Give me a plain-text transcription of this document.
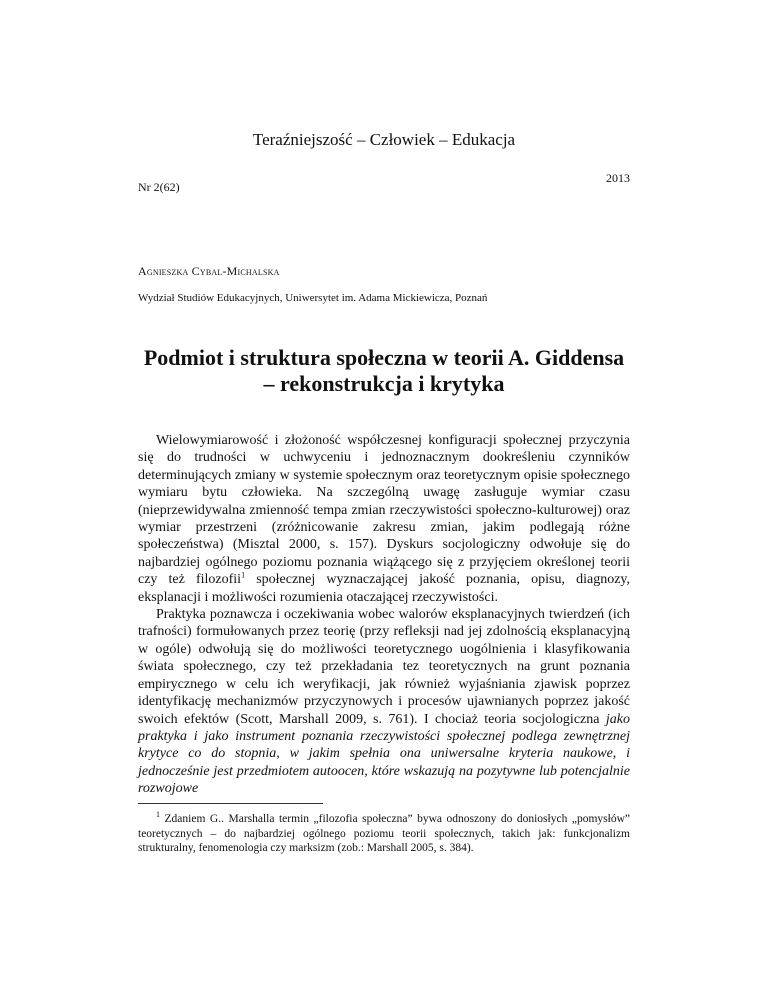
Teraźniejszość – Człowiek – Edukacja
Nr 2(62)
2013
Agnieszka Cybal-Michalska
Wydział Studiów Edukacyjnych, Uniwersytet im. Adama Mickiewicza, Poznań
Podmiot i struktura społeczna w teorii A. Giddensa
– rekonstrukcja i krytyka

Wielowymiarowość i złożoność współczesnej konfiguracji społecznej przyczynia się do trudności w uchwyceniu i jednoznacznym dookreśleniu czynników determinujących zmiany w systemie społecznym oraz teoretycznym opisie społecznego wymiaru bytu człowieka. Na szczególną uwagę zasługuje wymiar czasu (nieprzewidywalna zmienność tempa zmian rzeczywistości społeczno-kulturowej) oraz wymiar przestrzeni (zróżnicowanie zakresu zmian, jakim podlegają różne społeczeństwa) (Misztal 2000, s. 157). Dyskurs socjologiczny odwołuje się do najbardziej ogólnego poziomu poznania wiążącego się z przyjęciem określonej teorii czy też filozofii$^1$ społecznej wyznaczającej jakość poznania, opisu, diagnozy, eksplanacji i możliwości rozumienia otaczającej rzeczywistości.

Praktyka poznawcza i oczekiwania wobec walorów eksplanacyjnych twierdzeń (ich trafności) formułowanych przez teorię (przy refleksji nad jej zdolnością eksplanacyjną w ogóle) odwołują się do możliwości teoretycznego uogólnienia i klasyfikowania świata społecznego, czy też przekładania tez teoretycznych na grunt poznania empirycznego w celu ich weryfikacji, jak również wyjaśniania zjawisk poprzez identyfikację mechanizmów przyczynowych i procesów ujawnianych poprzez jakość swoich efektów (Scott, Marshall 2009, s. 761). I chociaż teoria socjologiczna jako praktyka i jako instrument poznania rzeczywistości społecznej podlega zewnętrznej krytyce co do stopnia, w jakim spełnia ona uniwersalne kryteria naukowe, i jednocześnie jest przedmiotem autoocen, które wskazują na pozytywne lub potencjalnie rozwojowe

$^1$ Zdaniem G.. Marshalla termin „filozofia społeczna” bywa odnoszony do doniosłych „pomysłów” teoretycznych – do najbardziej ogólnego poziomu teorii społecznych, takich jak: funkcjonalizm strukturalny, fenomenologia czy marksizm (zob.: Marshall 2005, s. 384).
